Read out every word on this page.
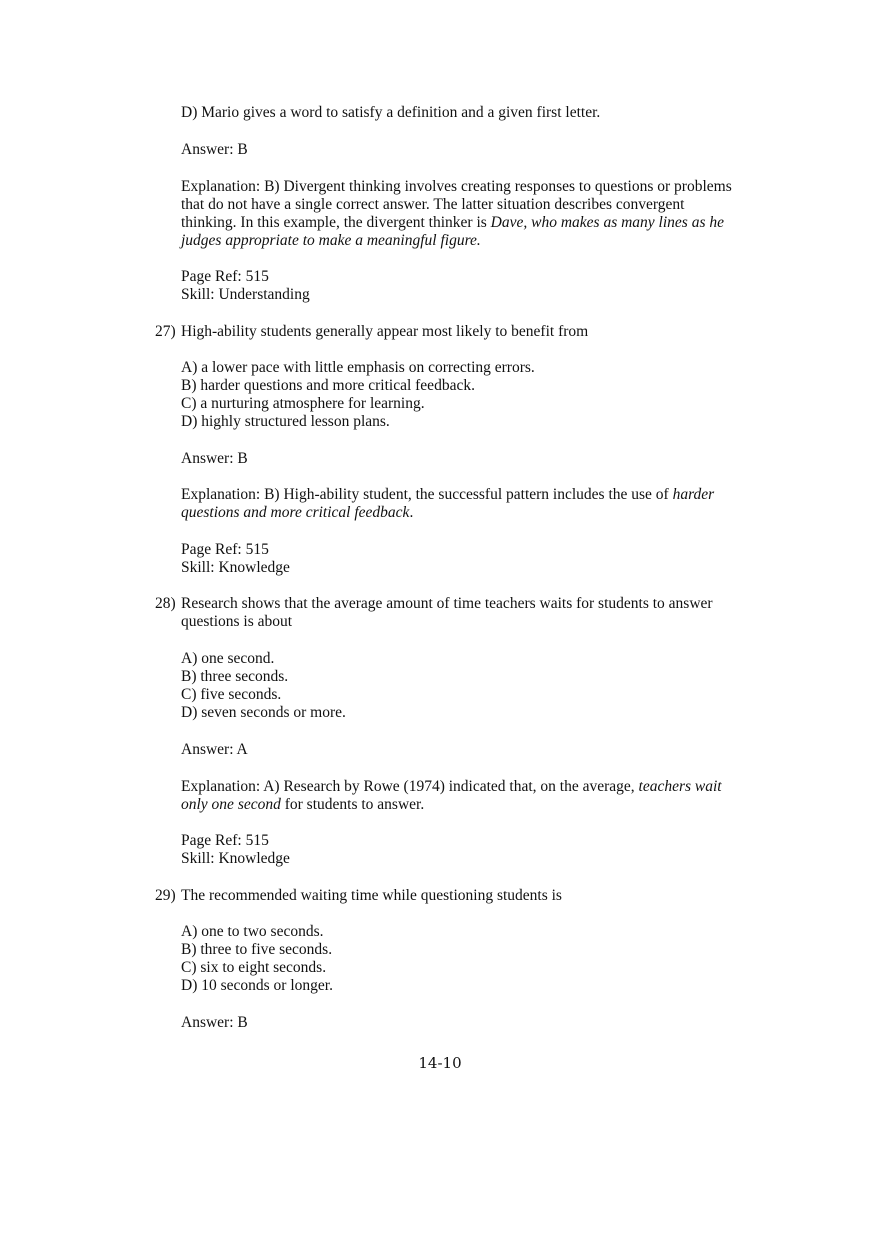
D) Mario gives a word to satisfy a definition and a given first letter.
Answer: B
Explanation: B) Divergent thinking involves creating responses to questions or problems
that do not have a single correct answer. The latter situation describes convergent
thinking. In this example, the divergent thinker is Dave, who makes as many lines as he
judges appropriate to make a meaningful figure.
Page Ref: 515
Skill: Understanding
27) High-ability students generally appear most likely to benefit from
A) a lower pace with little emphasis on correcting errors.
B) harder questions and more critical feedback.
C) a nurturing atmosphere for learning.
D) highly structured lesson plans.
Answer: B
Explanation: B) High-ability student, the successful pattern includes the use of harder
questions and more critical feedback.
Page Ref: 515
Skill: Knowledge
28) Research shows that the average amount of time teachers waits for students to answer
questions is about
A) one second.
B) three seconds.
C) five seconds.
D) seven seconds or more.
Answer: A
Explanation: A) Research by Rowe (1974) indicated that, on the average, teachers wait
only one second for students to answer.
Page Ref: 515
Skill: Knowledge
29) The recommended waiting time while questioning students is
A) one to two seconds.
B) three to five seconds.
C) six to eight seconds.
D) 10 seconds or longer.
Answer: B
14-10
